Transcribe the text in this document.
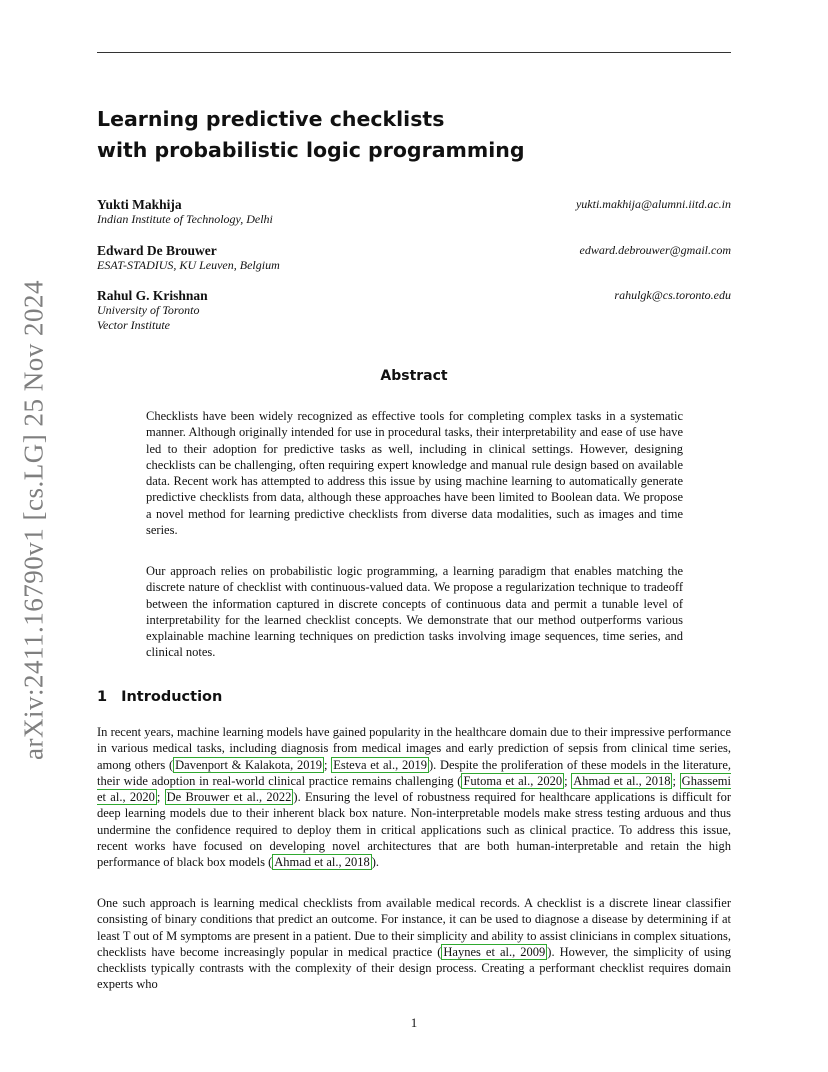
arXiv:2411.16790v1 [cs.LG] 25 Nov 2024
Learning predictive checklists
with probabilistic logic programming
Yukti Makhija	yukti.makhija@alumni.iitd.ac.in
Indian Institute of Technology, Delhi
Edward De Brouwer	edward.debrouwer@gmail.com
ESAT-STADIUS, KU Leuven, Belgium
Rahul G. Krishnan	rahulgk@cs.toronto.edu
University of Toronto
Vector Institute
Abstract

Checklists have been widely recognized as effective tools for completing complex tasks in a systematic manner. Although originally intended for use in procedural tasks, their interpretability and ease of use have led to their adoption for predictive tasks as well, including in clinical settings. However, designing checklists can be challenging, often requiring expert knowledge and manual rule design based on available data. Recent work has attempted to address this issue by using machine learning to automatically generate predictive checklists from data, although these approaches have been limited to Boolean data. We propose a novel method for learning predictive checklists from diverse data modalities, such as images and time series.

Our approach relies on probabilistic logic programming, a learning paradigm that enables matching the discrete nature of checklist with continuous-valued data. We propose a regularization technique to tradeoff between the information captured in discrete concepts of continuous data and permit a tunable level of interpretability for the learned checklist concepts. We demonstrate that our method outperforms various explainable machine learning techniques on prediction tasks involving image sequences, time series, and clinical notes.

1 Introduction

In recent years, machine learning models have gained popularity in the healthcare domain due to their impressive performance in various medical tasks, including diagnosis from medical images and early prediction of sepsis from clinical time series, among others ( Davenport & Kalakota, 2019 ; Esteva et al., 2019 ). Despite the proliferation of these models in the literature, their wide adoption in real-world clinical practice remains challenging ( Futoma et al., 2020 ; Ahmad et al., 2018 ; Ghassemi et al., 2020 ; De Brouwer et al., 2022 ). Ensuring the level of robustness required for healthcare applications is difficult for deep learning models due to their inherent black box nature. Non-interpretable models make stress testing arduous and thus undermine the confidence required to deploy them in critical applications such as clinical practice. To address this issue, recent works have focused on developing novel architectures that are both human-interpretable and retain the high performance of black box models ( Ahmad et al., 2018 ).

One such approach is learning medical checklists from available medical records. A checklist is a discrete linear classifier consisting of binary conditions that predict an outcome. For instance, it can be used to diagnose a disease by determining if at least T out of M symptoms are present in a patient. Due to their simplicity and ability to assist clinicians in complex situations, checklists have become increasingly popular in medical practice ( Haynes et al., 2009 ). However, the simplicity of using checklists typically contrasts with the complexity of their design process. Creating a performant checklist requires domain experts who

1
